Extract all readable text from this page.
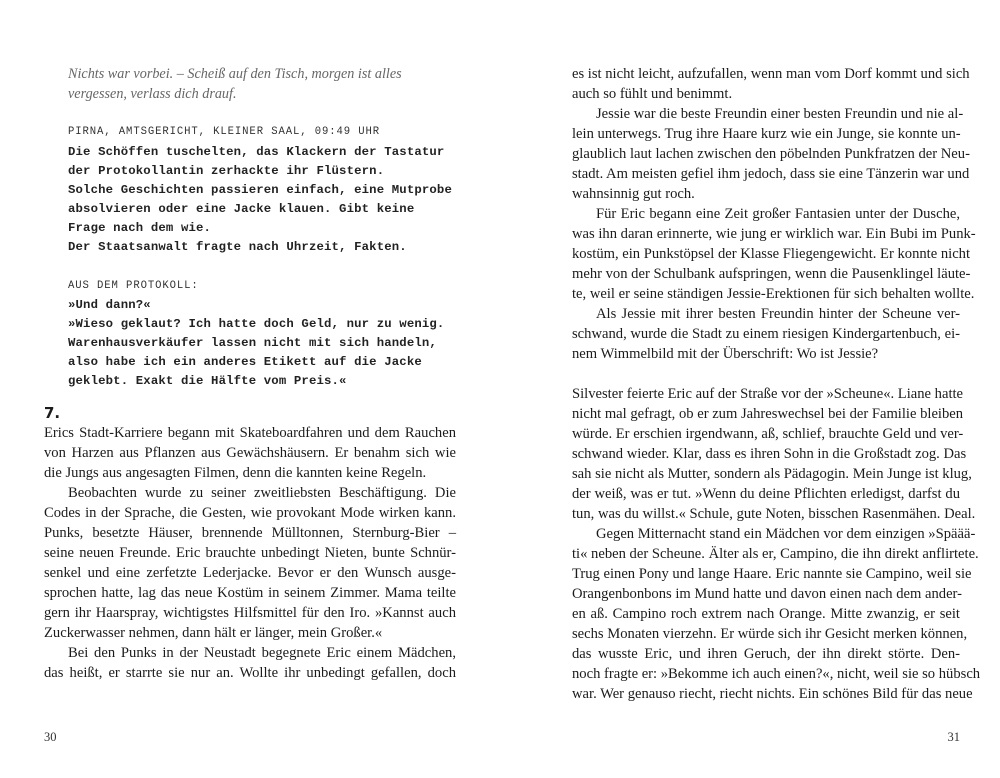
Nichts war vorbei. – Scheiß auf den Tisch, morgen ist alles
vergessen, verlass dich drauf.
PIRNA, AMTSGERICHT, KLEINER SAAL, 09:49 UHR
Die Schöffen tuschelten, das Klackern der Tastatur
der Protokollantin zerhackte ihr Flüstern.
Solche Geschichten passieren einfach, eine Mutprobe
absolvieren oder eine Jacke klauen. Gibt keine
Frage nach dem wie.
Der Staatsanwalt fragte nach Uhrzeit, Fakten.
AUS DEM PROTOKOLL:
»Und dann?«
»Wieso geklaut? Ich hatte doch Geld, nur zu wenig.
Warenhausverkäufer lassen nicht mit sich handeln,
also habe ich ein anderes Etikett auf die Jacke
geklebt. Exakt die Hälfte vom Preis.«
7.
Erics Stadt-Karriere begann mit Skateboardfahren und dem Rauchen
von Harzen aus Pflanzen aus Gewächshäusern. Er benahm sich wie
die Jungs aus angesagten Filmen, denn die kannten keine Regeln.
Beobachten wurde zu seiner zweitliebsten Beschäftigung. Die
Codes in der Sprache, die Gesten, wie provokant Mode wirken kann.
Punks, besetzte Häuser, brennende Mülltonnen, Sternburg-Bier –
seine neuen Freunde. Eric brauchte unbedingt Nieten, bunte Schnür-
senkel und eine zerfetzte Lederjacke. Bevor er den Wunsch ausge-
sprochen hatte, lag das neue Kostüm in seinem Zimmer. Mama teilte
gern ihr Haarspray, wichtigstes Hilfsmittel für den Iro. »Kannst auch
Zuckerwasser nehmen, dann hält er länger, mein Großer.«
Bei den Punks in der Neustadt begegnete Eric einem Mädchen,
das heißt, er starrte sie nur an. Wollte ihr unbedingt gefallen, doch
30
es ist nicht leicht, aufzufallen, wenn man vom Dorf kommt und sich
auch so fühlt und benimmt.
Jessie war die beste Freundin einer besten Freundin und nie al-
lein unterwegs. Trug ihre Haare kurz wie ein Junge, sie konnte un-
glaublich laut lachen zwischen den pöbelnden Punkfratzen der Neu-
stadt. Am meisten gefiel ihm jedoch, dass sie eine Tänzerin war und
wahnsinnig gut roch.
Für Eric begann eine Zeit großer Fantasien unter der Dusche,
was ihn daran erinnerte, wie jung er wirklich war. Ein Bubi im Punk-
kostüm, ein Punkstöpsel der Klasse Fliegengewicht. Er konnte nicht
mehr von der Schulbank aufspringen, wenn die Pausenklingel läute-
te, weil er seine ständigen Jessie-Erektionen für sich behalten wollte.
Als Jessie mit ihrer besten Freundin hinter der Scheune ver-
schwand, wurde die Stadt zu einem riesigen Kindergartenbuch, ei-
nem Wimmelbild mit der Überschrift: Wo ist Jessie?
Silvester feierte Eric auf der Straße vor der »Scheune«. Liane hatte
nicht mal gefragt, ob er zum Jahreswechsel bei der Familie bleiben
würde. Er erschien irgendwann, aß, schlief, brauchte Geld und ver-
schwand wieder. Klar, dass es ihren Sohn in die Großstadt zog. Das
sah sie nicht als Mutter, sondern als Pädagogin. Mein Junge ist klug,
der weiß, was er tut. »Wenn du deine Pflichten erledigst, darfst du
tun, was du willst.« Schule, gute Noten, bisschen Rasenmähen. Deal.
Gegen Mitternacht stand ein Mädchen vor dem einzigen »Späää-
ti« neben der Scheune. Älter als er, Campino, die ihn direkt anflirtete.
Trug einen Pony und lange Haare. Eric nannte sie Campino, weil sie
Orangenbonbons im Mund hatte und davon einen nach dem ander-
en aß. Campino roch extrem nach Orange. Mitte zwanzig, er seit
sechs Monaten vierzehn. Er würde sich ihr Gesicht merken können,
das wusste Eric, und ihren Geruch, der ihn direkt störte. Den-
noch fragte er: »Bekomme ich auch einen?«, nicht, weil sie so hübsch
war. Wer genauso riecht, riecht nichts. Ein schönes Bild für das neue
31
